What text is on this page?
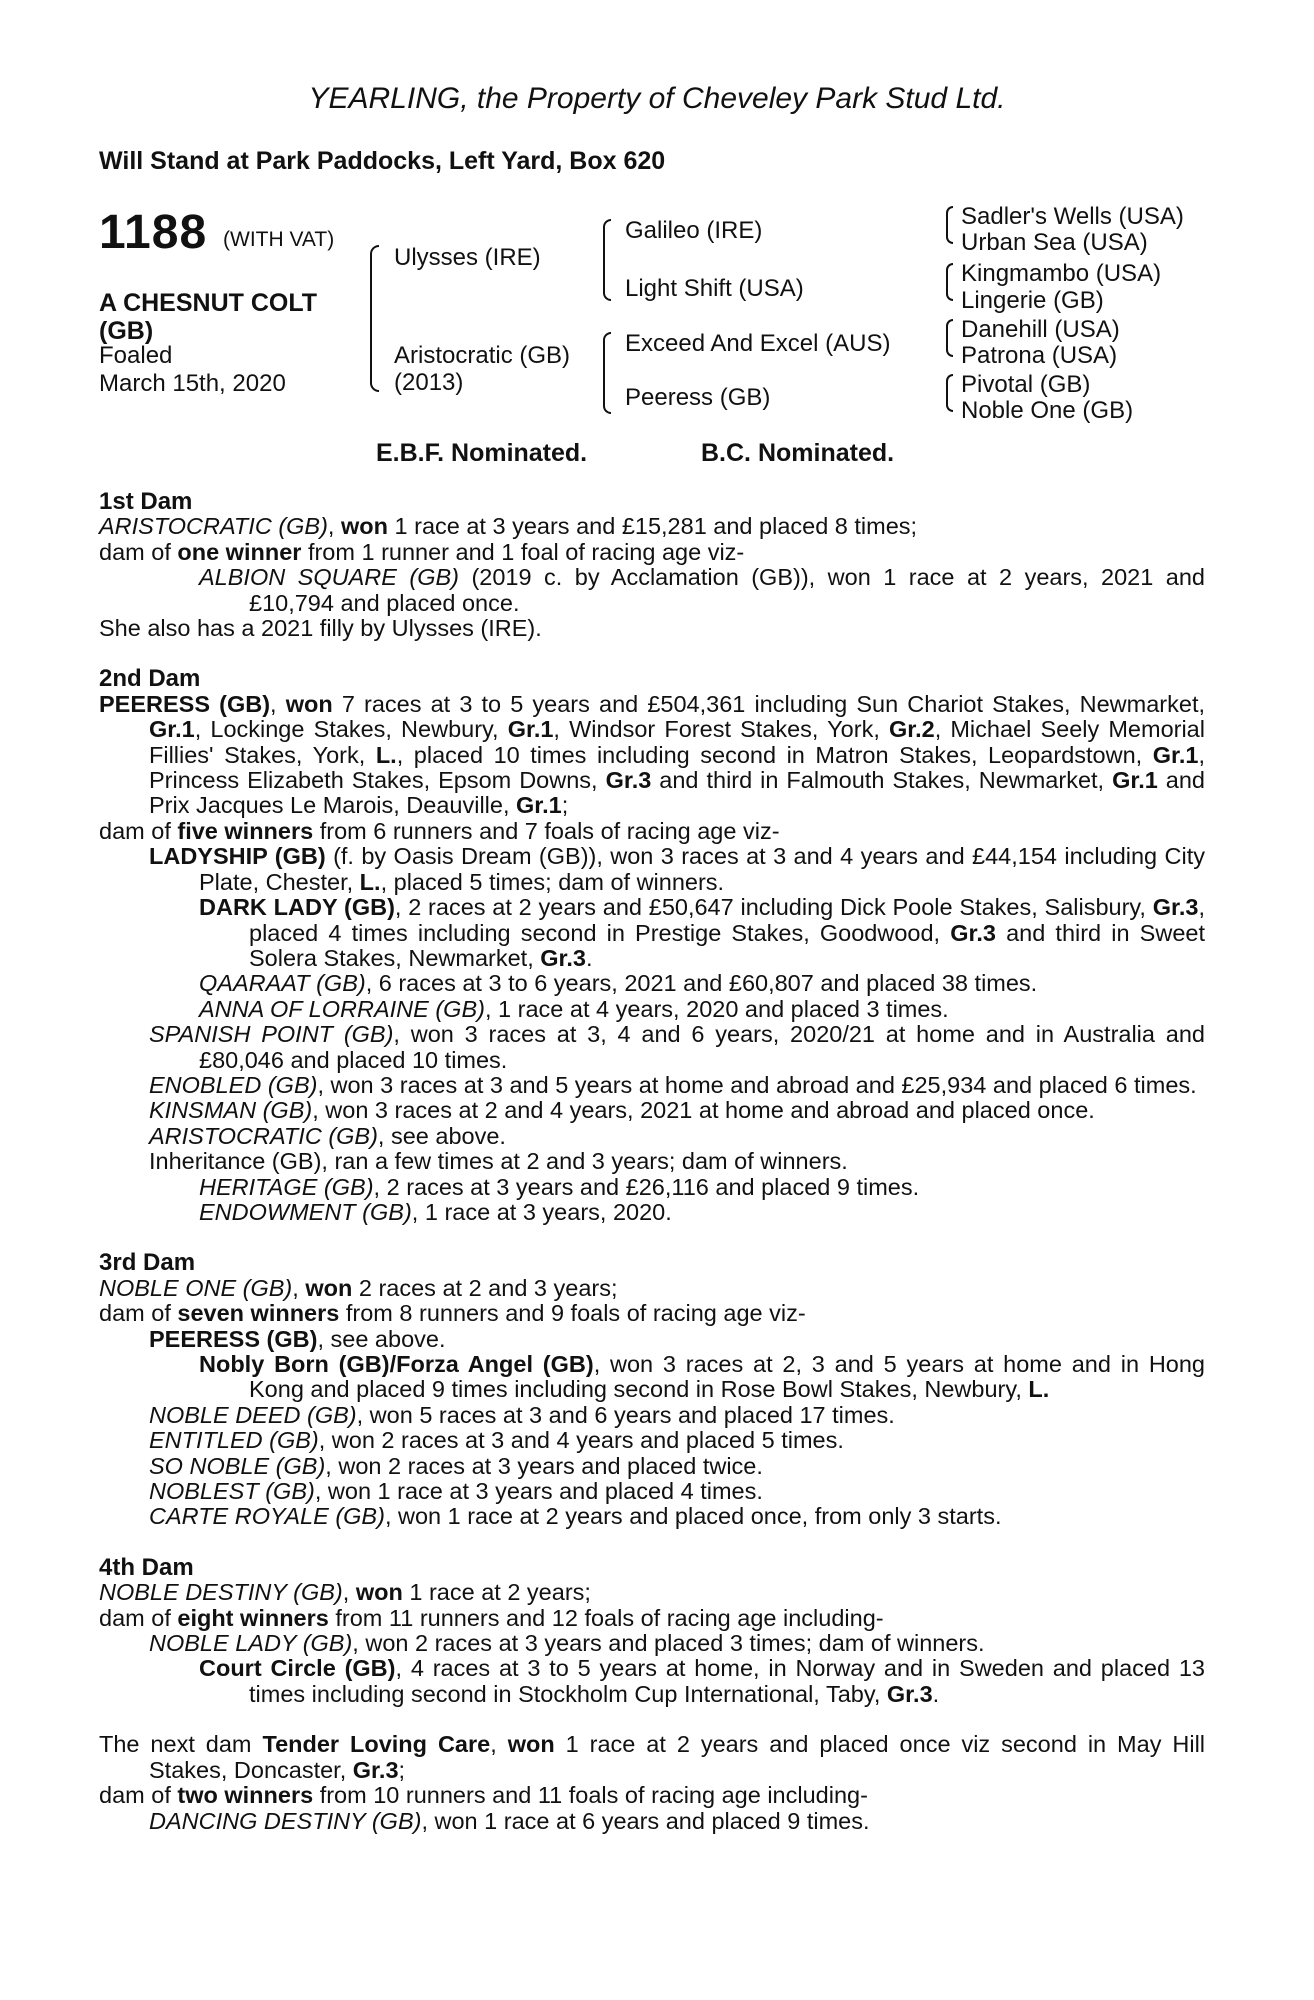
YEARLING, the Property of Cheveley Park Stud Ltd.
Will Stand at Park Paddocks, Left Yard, Box 620
1188 (WITH VAT)
A CHESNUT COLT
(GB)
Foaled
March 15th, 2020
Ulysses (IRE)
Aristocratic (GB)
(2013)
Galileo (IRE)
Light Shift (USA)
Exceed And Excel (AUS)
Peeress (GB)
Sadler's Wells (USA)
Urban Sea (USA)
Kingmambo (USA)
Lingerie (GB)
Danehill (USA)
Patrona (USA)
Pivotal (GB)
Noble One (GB)
E.B.F. Nominated.	B.C. Nominated.
1st Dam
ARISTOCRATIC (GB), won 1 race at 3 years and £15,281 and placed 8 times;
dam of one winner from 1 runner and 1 foal of racing age viz-
ALBION SQUARE (GB) (2019 c. by Acclamation (GB)), won 1 race at 2 years, 2021 and £10,794 and placed once.
She also has a 2021 filly by Ulysses (IRE).
2nd Dam
PEERESS (GB), won 7 races at 3 to 5 years and £504,361 including Sun Chariot Stakes, Newmarket, Gr.1, Lockinge Stakes, Newbury, Gr.1, Windsor Forest Stakes, York, Gr.2, Michael Seely Memorial Fillies' Stakes, York, L., placed 10 times including second in Matron Stakes, Leopardstown, Gr.1, Princess Elizabeth Stakes, Epsom Downs, Gr.3 and third in Falmouth Stakes, Newmarket, Gr.1 and Prix Jacques Le Marois, Deauville, Gr.1;
dam of five winners from 6 runners and 7 foals of racing age viz-
LADYSHIP (GB) (f. by Oasis Dream (GB)), won 3 races at 3 and 4 years and £44,154 including City Plate, Chester, L., placed 5 times; dam of winners.
DARK LADY (GB), 2 races at 2 years and £50,647 including Dick Poole Stakes, Salisbury, Gr.3, placed 4 times including second in Prestige Stakes, Goodwood, Gr.3 and third in Sweet Solera Stakes, Newmarket, Gr.3.
QAARAAT (GB), 6 races at 3 to 6 years, 2021 and £60,807 and placed 38 times.
ANNA OF LORRAINE (GB), 1 race at 4 years, 2020 and placed 3 times.
SPANISH POINT (GB), won 3 races at 3, 4 and 6 years, 2020/21 at home and in Australia and £80,046 and placed 10 times.
ENOBLED (GB), won 3 races at 3 and 5 years at home and abroad and £25,934 and placed 6 times.
KINSMAN (GB), won 3 races at 2 and 4 years, 2021 at home and abroad and placed once.
ARISTOCRATIC (GB), see above.
Inheritance (GB), ran a few times at 2 and 3 years; dam of winners.
HERITAGE (GB), 2 races at 3 years and £26,116 and placed 9 times.
ENDOWMENT (GB), 1 race at 3 years, 2020.
3rd Dam
NOBLE ONE (GB), won 2 races at 2 and 3 years;
dam of seven winners from 8 runners and 9 foals of racing age viz-
PEERESS (GB), see above.
Nobly Born (GB)/Forza Angel (GB), won 3 races at 2, 3 and 5 years at home and in Hong Kong and placed 9 times including second in Rose Bowl Stakes, Newbury, L.
NOBLE DEED (GB), won 5 races at 3 and 6 years and placed 17 times.
ENTITLED (GB), won 2 races at 3 and 4 years and placed 5 times.
SO NOBLE (GB), won 2 races at 3 years and placed twice.
NOBLEST (GB), won 1 race at 3 years and placed 4 times.
CARTE ROYALE (GB), won 1 race at 2 years and placed once, from only 3 starts.
4th Dam
NOBLE DESTINY (GB), won 1 race at 2 years;
dam of eight winners from 11 runners and 12 foals of racing age including-
NOBLE LADY (GB), won 2 races at 3 years and placed 3 times; dam of winners.
Court Circle (GB), 4 races at 3 to 5 years at home, in Norway and in Sweden and placed 13 times including second in Stockholm Cup International, Taby, Gr.3.
The next dam Tender Loving Care, won 1 race at 2 years and placed once viz second in May Hill Stakes, Doncaster, Gr.3;
dam of two winners from 10 runners and 11 foals of racing age including-
DANCING DESTINY (GB), won 1 race at 6 years and placed 9 times.
